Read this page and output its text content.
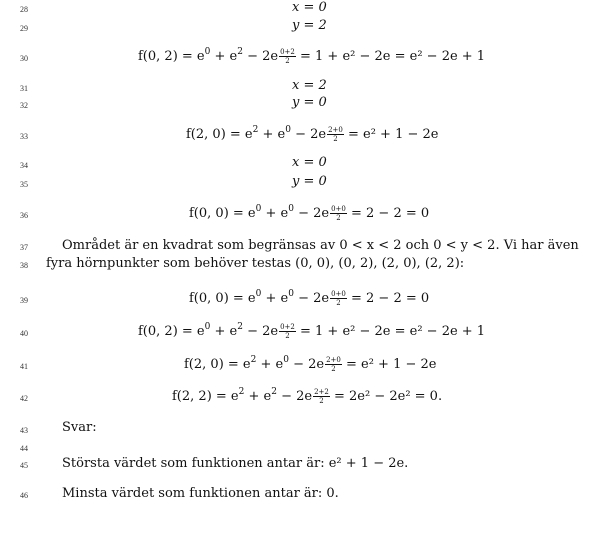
28
29
30
31
32
33
34
35
36
37
38
39
40
41
42
43
44
45
46
x = 0
y = 2
f(0, $2) = e^0 + e^2 - 2e \frac{0+2}{2} = 1 + e^2 - 2e = e^2 - 2e + 1$
x = 2
y = 0
f(2, $0) = e^2 + e^0 - 2e \frac{2+0}{2} = e^2 + 1 - 2e$
x = 0
y = 0
f(0, $0) = e^0 + e^0 - 2e \frac{0+0}{2} = 2 - 2 = 0$
Området är en kvadrat som begränsas av 0 < x < 2 och 0 < y < 2. Vi har även
fyra hörnpunkter som behöver testas (0, 0), (0, 2), (2, 0), (2, 2):
f(0, $0) = e^0 + e^0 - 2e \frac{0+0}{2} = 2 - 2 = 0$
f(0, $2) = e^0 + e^2 - 2e \frac{0+2}{2} = 1 + e^2 - 2e = e^2 - 2e + 1$
f(2, $0) = e^2 + e^0 - 2e \frac{2+0}{2} = e^2 + 1 - 2e$
f(2, $2) = e^2 + e^2 - 2e \frac{2+2}{2} = 2e^2 - 2e^2 = 0$.
Svar:
Största värdet som funktionen antar är: e² + 1 − 2e.
Minsta värdet som funktionen antar är: 0.
